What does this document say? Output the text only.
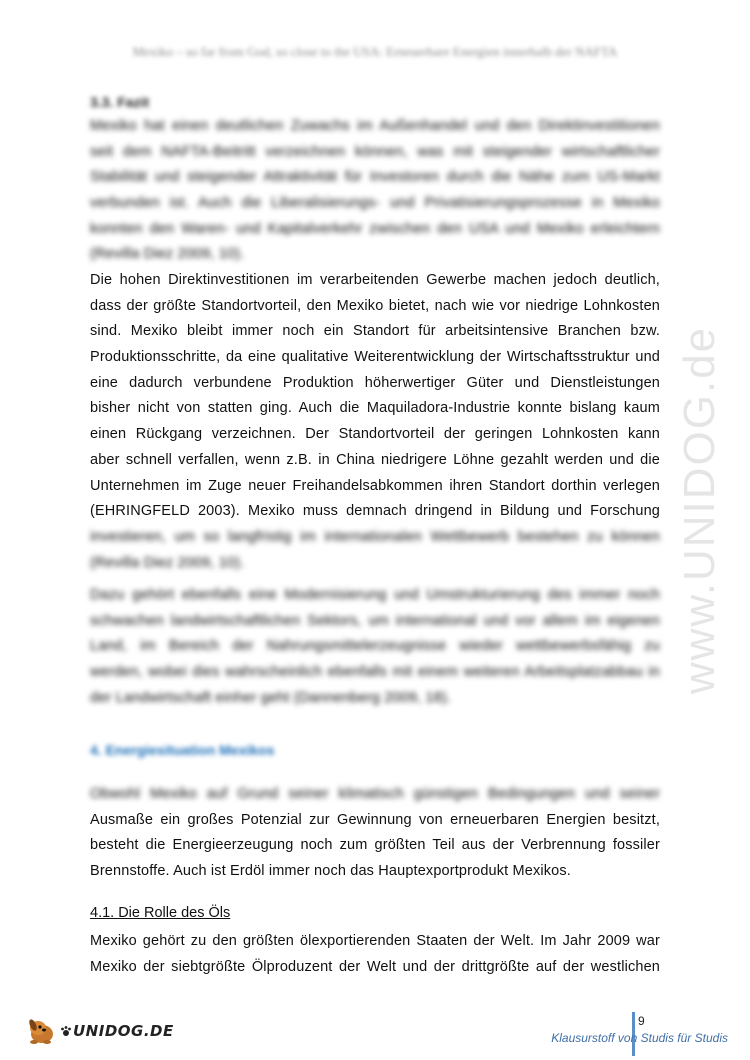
Mexiko – so far from God, so close to the USA: Erneuerbare Energien innerhalb der NAFTA
3.3. Fazit
Mexiko hat einen deutlichen Zuwachs im Außenhandel und den Direktinvestitionen
seit dem NAFTA-Beitritt verzeichnen können, was mit steigender wirtschaftlicher
Stabilität und steigender Attraktivität für Investoren durch die Nähe zum US-Markt
verbunden ist. Auch die Liberalisierungs- und Privatisierungsprozesse in Mexiko
konnten den Waren- und Kapitalverkehr zwischen den USA und Mexiko erleichtern
(Revilla Diez 2009, 10).
Die hohen Direktinvestitionen im verarbeitenden Gewerbe machen jedoch deutlich,
dass der größte Standortvorteil, den Mexiko bietet, nach wie vor niedrige Lohnkosten
sind. Mexiko bleibt immer noch ein Standort für arbeitsintensive Branchen bzw.
Produktionsschritte, da eine qualitative Weiterentwicklung der Wirtschaftsstruktur und
eine dadurch verbundene Produktion höherwertiger Güter und Dienstleistungen
bisher nicht von statten ging. Auch die Maquiladora-Industrie konnte bislang kaum
einen Rückgang verzeichnen. Der Standortvorteil der geringen Lohnkosten kann
aber schnell verfallen, wenn z.B. in China niedrigere Löhne gezahlt werden und die
Unternehmen im Zuge neuer Freihandelsabkommen ihren Standort dorthin verlegen
(EHRINGFELD 2003). Mexiko muss demnach dringend in Bildung und Forschung
investieren, um so langfristig im internationalen Wettbewerb bestehen zu können
(Revilla Diez 2009, 10).
Dazu gehört ebenfalls eine Modernisierung und Umstrukturierung des immer noch
schwachen landwirtschaftlichen Sektors, um international und vor allem im eigenen
Land, im Bereich der Nahrungsmittelerzeugnisse wieder wettbewerbsfähig zu
werden, wobei dies wahrscheinlich ebenfalls mit einem weiteren Arbeitsplatzabbau in
der Landwirtschaft einher geht (Dannenberg 2009, 18).
4. Energiesituation Mexikos
Obwohl Mexiko auf Grund seiner klimatisch günstigen Bedingungen und seiner
Ausmaße ein großes Potenzial zur Gewinnung von erneuerbaren Energien besitzt,
besteht die Energieerzeugung noch zum größten Teil aus der Verbrennung fossiler
Brennstoffe. Auch ist Erdöl immer noch das Hauptexportprodukt Mexikos.
4.1. Die Rolle des Öls
Mexiko gehört zu den größten ölexportierenden Staaten der Welt. Im Jahr 2009 war
Mexiko der siebtgrößte Ölproduzent der Welt und der drittgrößte auf der westlichen
www.UNIDOG.de
UNIDOG.DE
9
Klausurstoff von Studis für Studis
